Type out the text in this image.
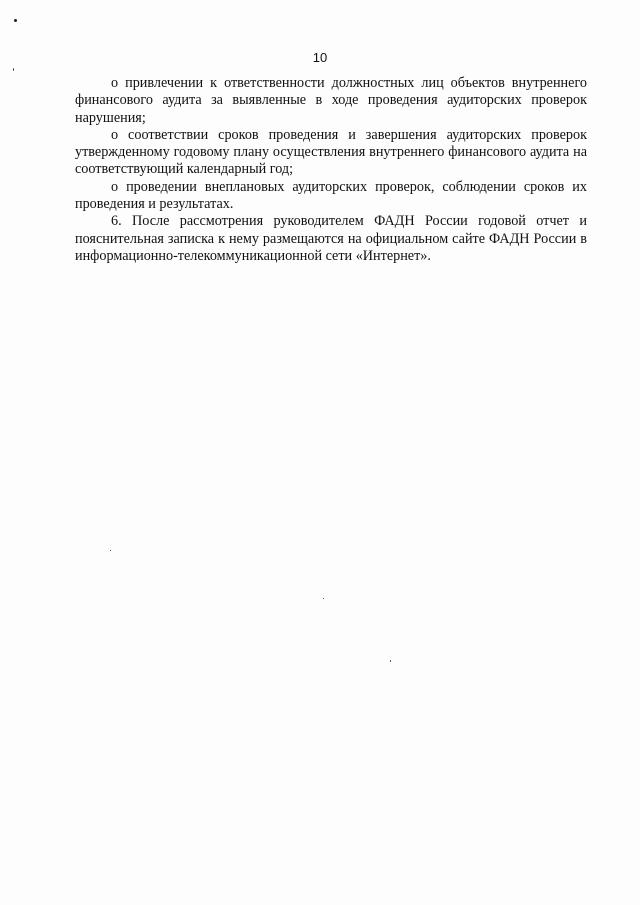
10

о привлечении к ответственности должностных лиц объектов внутреннего финансового аудита за выявленные в ходе проведения аудиторских проверок нарушения;

о соответствии сроков проведения и завершения аудиторских проверок утвержденному годовому плану осуществления внутреннего финансового аудита на соответствующий календарный год;

о проведении внеплановых аудиторских проверок, соблюдении сроков их проведения и результатах.

6. После рассмотрения руководителем ФАДН России годовой отчет и пояснительная записка к нему размещаются на официальном сайте ФАДН России в информационно-телекоммуникационной сети «Интернет».
